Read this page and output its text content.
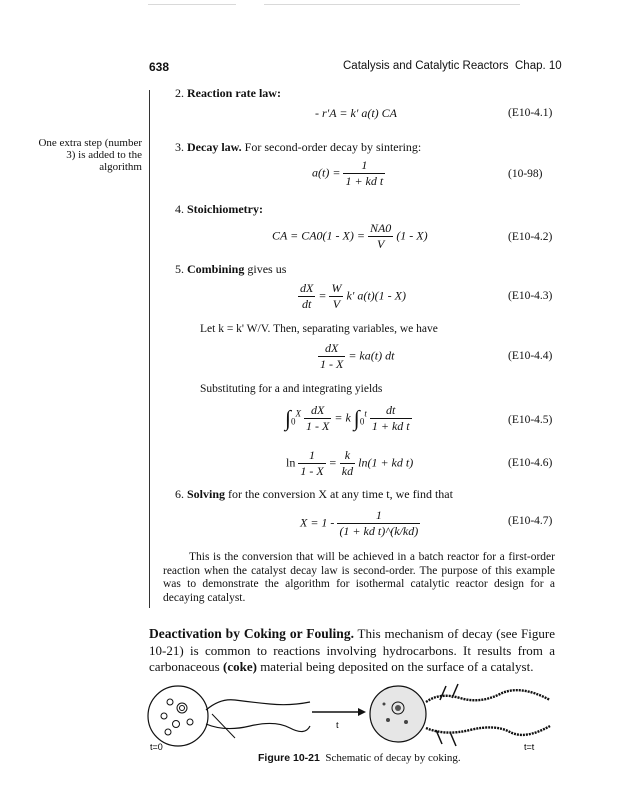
638	Catalysis and Catalytic Reactors Chap. 10
One extra step (number 3) is added to the algorithm
2. Reaction rate law:
- r'A = k' a(t) CA	(E10-4.1)
3. Decay law. For second-order decay by sintering:
$a(t) = \frac{1}{\text{1 + kd t}}$	(10-98)
4. Stoichiometry:
CA = $CA0(1 - X) = \frac{NA0}{V} (1 - X)$	(E10-4.2)
5. Combining gives us
$\frac{dX}{dt} = \frac{W}{V} k'$ a(t)(1 - X)	(E10-4.3)
Let k = k' W/V. Then, separating variables, we have
$\frac{dX}{1 - X} = ka(t)$ dt	(E10-4.4)
Substituting for a and integrating yields
$\int_0^X \frac{dX}{1 - X} = k$ $\int_0^t \frac{dt}{\text{1 + kd t}}$	(E10-4.5)
$\ln \frac{1}{1 - X} = \frac{k}{kd} \ln(1$ + kd t)	(E10-4.6)
6. Solving for the conversion X at any time t, we find that
$X = 1 - \frac{1}{\text{(1 + kd t)\textasciicircum{}(k/kd)}}$	(E10-4.7)
This is the conversion that will be achieved in a batch reactor for a first-order reaction when the catalyst decay law is second-order. The purpose of this example was to demonstrate the algorithm for isothermal catalytic reactor design for a decaying catalyst.
Deactivation by Coking or Fouling. This mechanism of decay (see Figure 10-21) is common to reactions involving hydrocarbons. It results from a carbonaceous (coke) material being deposited on the surface of a catalyst.
t=0
t
t=t
Figure 10-21 Schematic of decay by coking.
